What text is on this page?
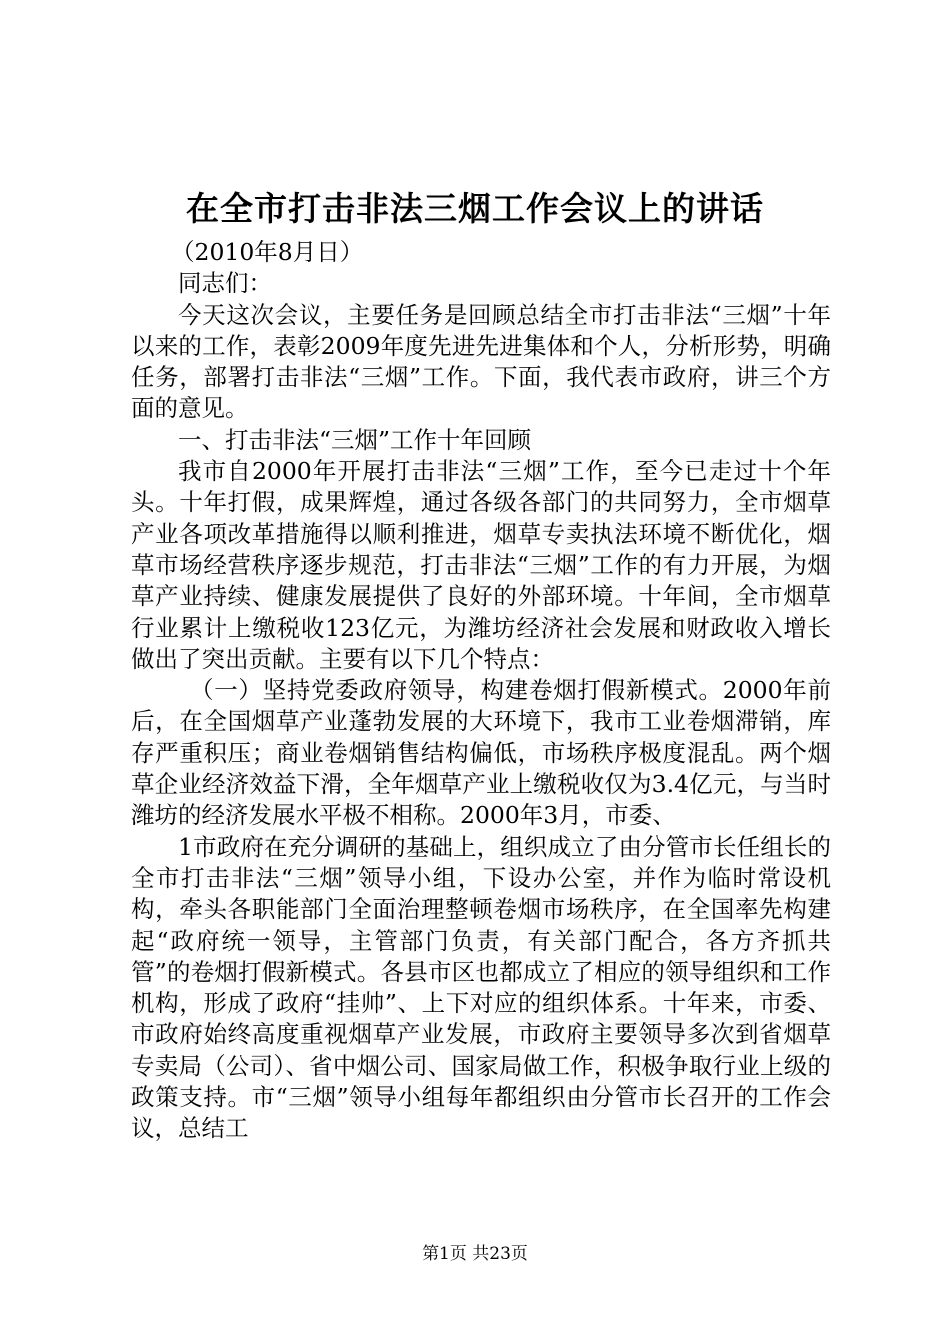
在全市打击非法三烟工作会议上的讲话

（2010年8月日）

同志们：

今天这次会议，主要任务是回顾总结全市打击非法“三烟”十年以来的工作，表彰2009年度先进先进集体和个人，分析形势，明确任务，部署打击非法“三烟”工作。下面，我代表市政府，讲三个方面的意见。

一、打击非法“三烟”工作十年回顾

我市自2000年开展打击非法“三烟”工作，至今已走过十个年头。十年打假，成果辉煌，通过各级各部门的共同努力，全市烟草产业各项改革措施得以顺利推进，烟草专卖执法环境不断优化，烟草市场经营秩序逐步规范，打击非法“三烟”工作的有力开展，为烟草产业持续、健康发展提供了良好的外部环境。十年间，全市烟草行业累计上缴税收123亿元，为潍坊经济社会发展和财政收入增长做出了突出贡献。主要有以下几个特点：

（一）坚持党委政府领导，构建卷烟打假新模式。2000年前后，在全国烟草产业蓬勃发展的大环境下，我市工业卷烟滞销，库存严重积压；商业卷烟销售结构偏低，市场秩序极度混乱。两个烟草企业经济效益下滑，全年烟草产业上缴税收仅为3.4亿元，与当时潍坊的经济发展水平极不相称。2000年3月，市委、

1市政府在充分调研的基础上，组织成立了由分管市长任组长的全市打击非法“三烟”领导小组，下设办公室，并作为临时常设机构，牵头各职能部门全面治理整顿卷烟市场秩序，在全国率先构建起“政府统一领导，主管部门负责，有关部门配合，各方齐抓共管”的卷烟打假新模式。各县市区也都成立了相应的领导组织和工作机构，形成了政府“挂帅”、上下对应的组织体系。十年来，市委、市政府始终高度重视烟草产业发展，市政府主要领导多次到省烟草专卖局（公司）、省中烟公司、国家局做工作，积极争取行业上级的政策支持。市“三烟”领导小组每年都组织由分管市长召开的工作会议，总结工

第1页 共23页
